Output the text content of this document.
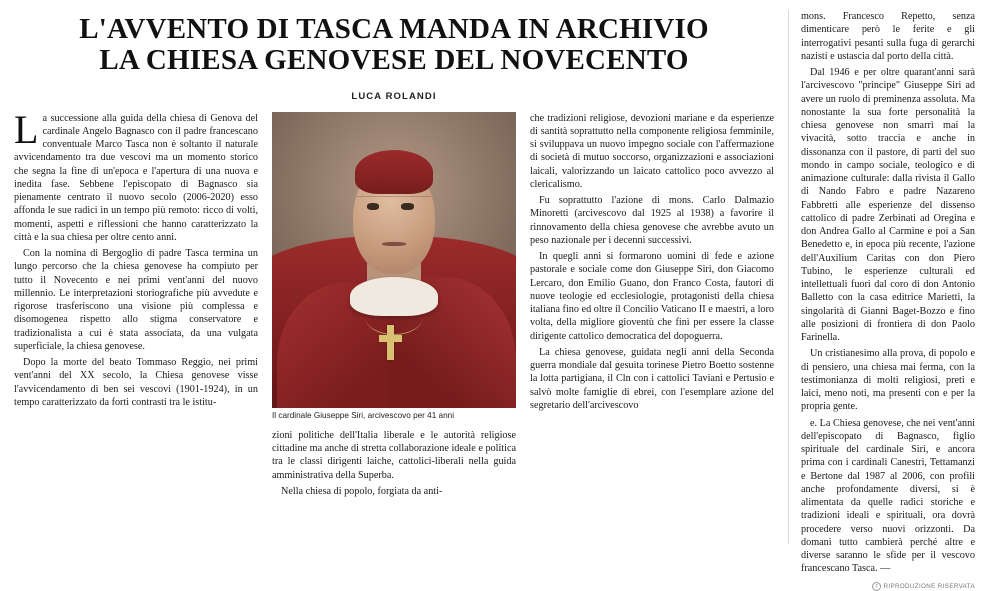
L'AVVENTO DI TASCA MANDA IN ARCHIVIO
LA CHIESA GENOVESE DEL NOVECENTO
LUCA ROLANDI

La successione alla guida della chiesa di Genova del cardinale Angelo Bagnasco con il padre francescano conventuale Marco Tasca non è soltanto il naturale avvicendamento tra due vescovi ma un momento storico che segna la fine di un'epoca e l'apertura di una nuova e inedita fase. Sebbene l'episcopato di Bagnasco sia pienamente centrato il nuovo secolo (2006-2020) esso affonda le sue radici in un tempo più remoto: ricco di volti, momenti, aspetti e riflessioni che hanno caratterizzato la città e la sua chiesa per oltre cento anni.

Con la nomina di Bergoglio di padre Tasca termina un lungo percorso che la chiesa genovese ha compiuto per tutto il Novecento e nei primi vent'anni del nuovo millennio. Le interpretazioni storiografiche più avvedute e rigorose trasferiscono una visione più complessa e disomogenea rispetto allo stigma conservatore e tradizionalista a cui è stata associata, da una vulgata superficiale, la chiesa genovese.

Dopo la morte del beato Tommaso Reggio, nei primi vent'anni del XX secolo, la Chiesa genovese visse l'avvicendamento di ben sei vescovi (1901-1924), in un tempo caratterizzato da forti contrasti tra le istitu-

Il cardinale Giuseppe Siri, arcivescovo per 41 anni

zioni politiche dell'Italia liberale e le autorità religiose cittadine ma anche di stretta collaborazione ideale e politica tra le classi dirigenti laiche, cattolici-liberali nella guida amministrativa della Superba.

Nella chiesa di popolo, forgiata da anti-

che tradizioni religiose, devozioni mariane e da esperienze di santità soprattutto nella componente religiosa femminile, si sviluppava un nuovo impegno sociale con l'affermazione di società di mutuo soccorso, organizzazioni e associazioni laicali, valorizzando un laicato cattolico poco avvezzo al clericalismo.

Fu soprattutto l'azione di mons. Carlo Dalmazio Minoretti (arcivescovo dal 1925 al 1938) a favorire il rinnovamento della chiesa genovese che avrebbe avuto un peso nazionale per i decenni successivi.

In quegli anni si formarono uomini di fede e azione pastorale e sociale come don Giuseppe Siri, don Giacomo Lercaro, don Emilio Guano, don Franco Costa, fautori di nuove teologie ed ecclesiologie, protagonisti della chiesa italiana fino ed oltre il Concilio Vaticano II e maestri, a loro volta, della migliore gioventù che finì per essere la classe dirigente cattolico democratica del dopoguerra.

La chiesa genovese, guidata negli anni della Seconda guerra mondiale dal gesuita torinese Pietro Boetto sostenne la lotta partigiana, il Cln con i cattolici Taviani e Pertusio e salvò molte famiglie di ebrei, con l'esemplare azione del segretario dell'arcivescovo

mons. Francesco Repetto, senza dimenticare però le ferite e gli interrogativi pesanti sulla fuga di gerarchi nazisti e ustascia dal porto della città.

Dal 1946 e per oltre quarant'anni sarà l'arcivescovo "principe" Giuseppe Siri ad avere un ruolo di preminenza assoluta. Ma nonostante la sua forte personalità la chiesa genovese non smarrì mai la vivacità, sotto traccia e anche in dissonanza con il pastore, di parti del suo mondo in campo sociale, teologico e di animazione culturale: dalla rivista il Gallo di Nando Fabro e padre Nazareno Fabbretti alle esperienze del dissenso cattolico di padre Zerbinati ad Oregina e don Andrea Gallo al Carmine e poi a San Benedetto e, in epoca più recente, l'azione dell'Auxilium Caritas con don Piero Tubino, le esperienze culturali ed intellettuali fuori dal coro di don Antonio Balletto con la casa editrice Marietti, la singolarità di Gianni Baget-Bozzo e fino alle posizioni di frontiera di don Paolo Farinella.

Un cristianesimo alla prova, di popolo e di pensiero, una chiesa mai ferma, con la testimonianza di molti religiosi, preti e laici, meno noti, ma presenti con e per la propria gente.

e. La Chiesa genovese, che nei vent'anni dell'episcopato di Bagnasco, figlio spirituale del cardinale Siri, e ancora prima con i cardinali Canestri, Tettamanzi e Bertone dal 1987 al 2006, con profili anche profondamente diversi, si è alimentata da quelle radici storiche e tradizioni ideali e spirituali, ora dovrà procedere verso nuovi orizzonti. Da domani tutto cambierà perché altre e diverse saranno le sfide per il vescovo francescano Tasca. —

c RIPRODUZIONE RISERVATA
